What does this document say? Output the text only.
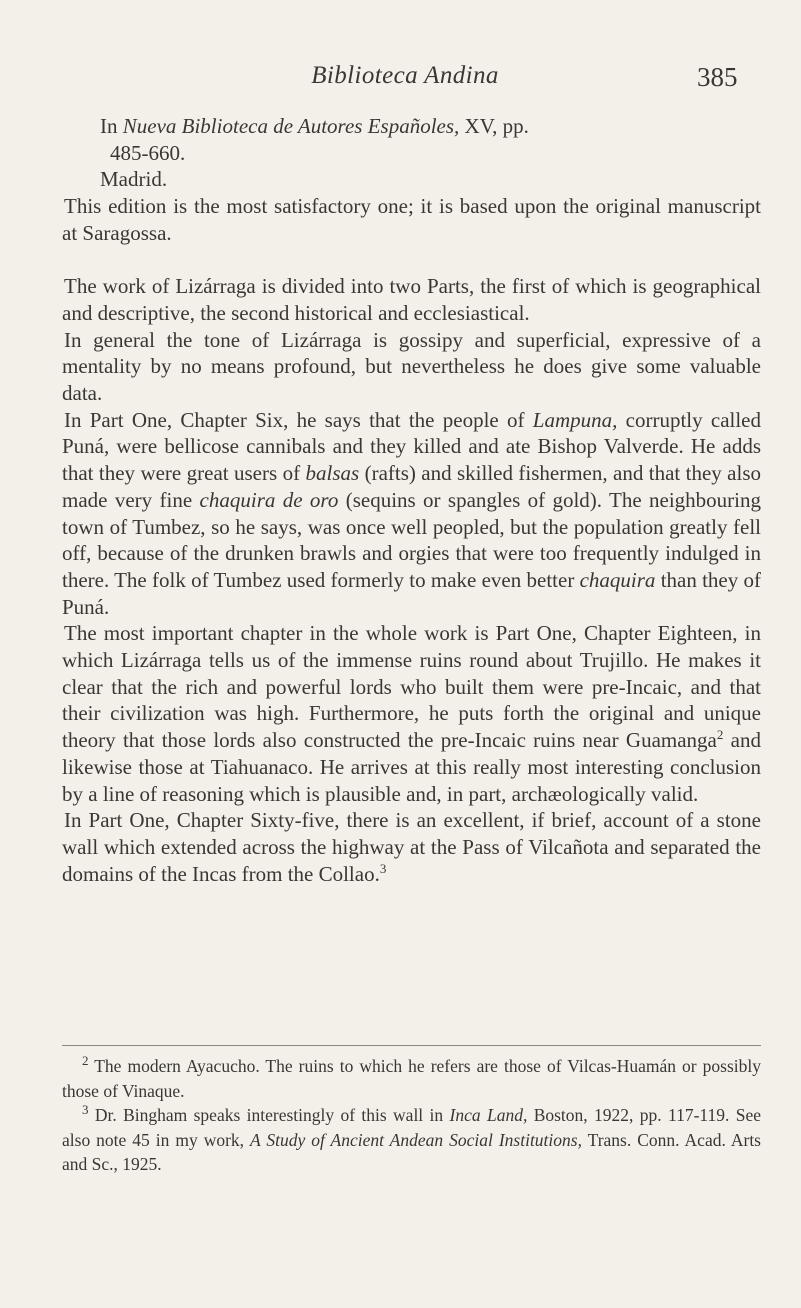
Biblioteca Andina	385
In Nueva Biblioteca de Autores Españoles, XV, pp.
485-660.
Madrid.

This edition is the most satisfactory one; it is based upon the original manuscript at Saragossa.

The work of Lizárraga is divided into two Parts, the first of which is geographical and descriptive, the second historical and ecclesiastical.

In general the tone of Lizárraga is gossipy and superficial, expressive of a mentality by no means profound, but nevertheless he does give some valuable data.

In Part One, Chapter Six, he says that the people of Lampuna, corruptly called Puná, were bellicose cannibals and they killed and ate Bishop Valverde. He adds that they were great users of balsas (rafts) and skilled fishermen, and that they also made very fine chaquira de oro (sequins or spangles of gold). The neighbouring town of Tumbez, so he says, was once well peopled, but the population greatly fell off, because of the drunken brawls and orgies that were too frequently indulged in there. The folk of Tumbez used formerly to make even better chaquira than they of Puná.

The most important chapter in the whole work is Part One, Chapter Eighteen, in which Lizárraga tells us of the immense ruins round about Trujillo. He makes it clear that the rich and powerful lords who built them were pre-Incaic, and that their civilization was high. Furthermore, he puts forth the original and unique theory that those lords also constructed the pre-Incaic ruins near Guamanga$^2$ and likewise those at Tiahuanaco. He arrives at this really most interesting conclusion by a line of reasoning which is plausible and, in part, archæologically valid.

In Part One, Chapter Sixty-five, there is an excellent, if brief, account of a stone wall which extended across the highway at the Pass of Vilcañota and separated the domains of the Incas from the Collao.$^3$

$^2$ The modern Ayacucho. The ruins to which he refers are those of Vilcas-Huamán or possibly those of Vinaque.

$^3$ Dr. Bingham speaks interestingly of this wall in Inca Land, Boston, 1922, pp. 117-119. See also note 45 in my work, A Study of Ancient Andean Social Institutions, Trans. Conn. Acad. Arts and Sc., 1925.
